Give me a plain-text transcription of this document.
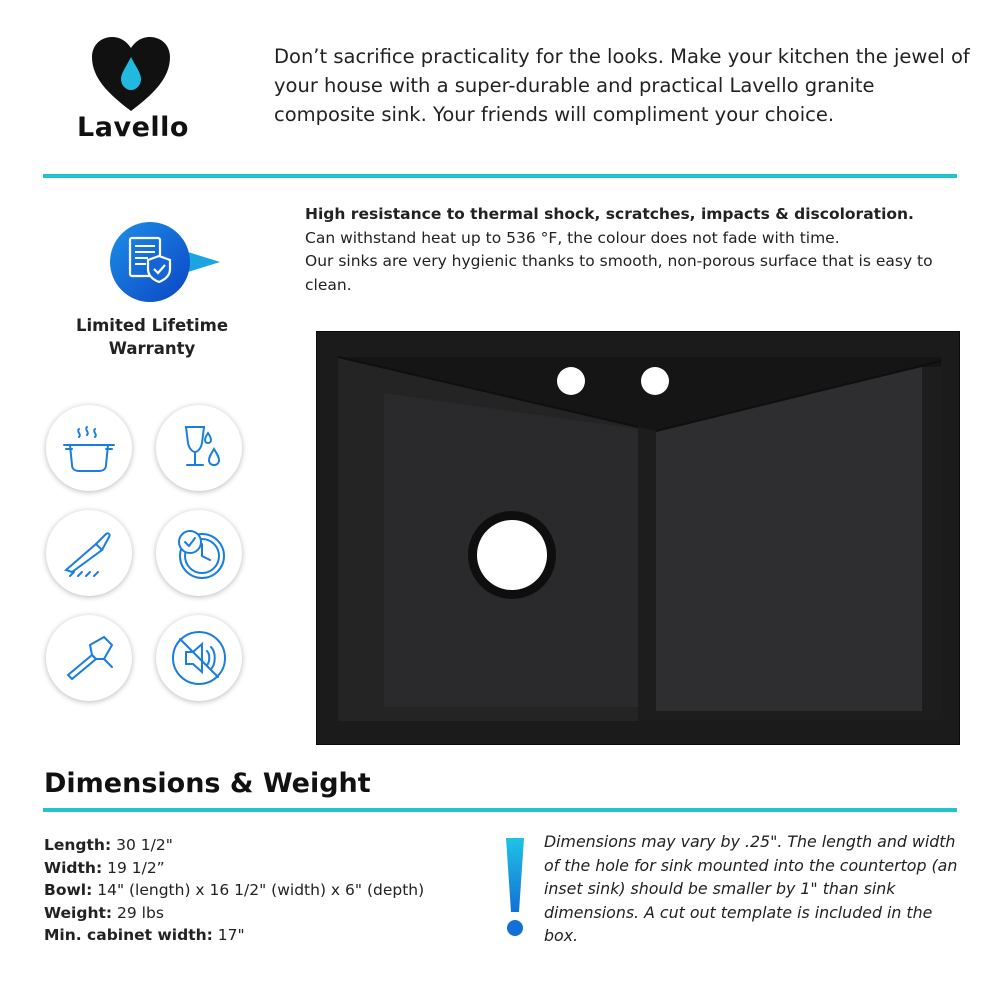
Lavello
Don’t sacrifice practicality for the looks. Make your kitchen the jewel of your house with a super-durable and practical Lavello granite composite sink. Your friends will compliment your choice.
Limited Lifetime
Warranty
High resistance to thermal shock, scratches, impacts & discoloration.
Can withstand heat up to 536 °F, the colour does not fade with time.
Our sinks are very hygienic thanks to smooth, non-porous surface that is easy to clean.
Dimensions & Weight
Length: 30 1/2"
Width: 19 1/2”
Bowl: 14" (length) x 16 1/2" (width) x 6" (depth)
Weight: 29 lbs
Min. cabinet width: 17"
Dimensions may vary by .25". The length and width of the hole for sink mounted into the countertop (an inset sink) should be smaller by 1" than sink dimensions. A cut out template is included in the box.
